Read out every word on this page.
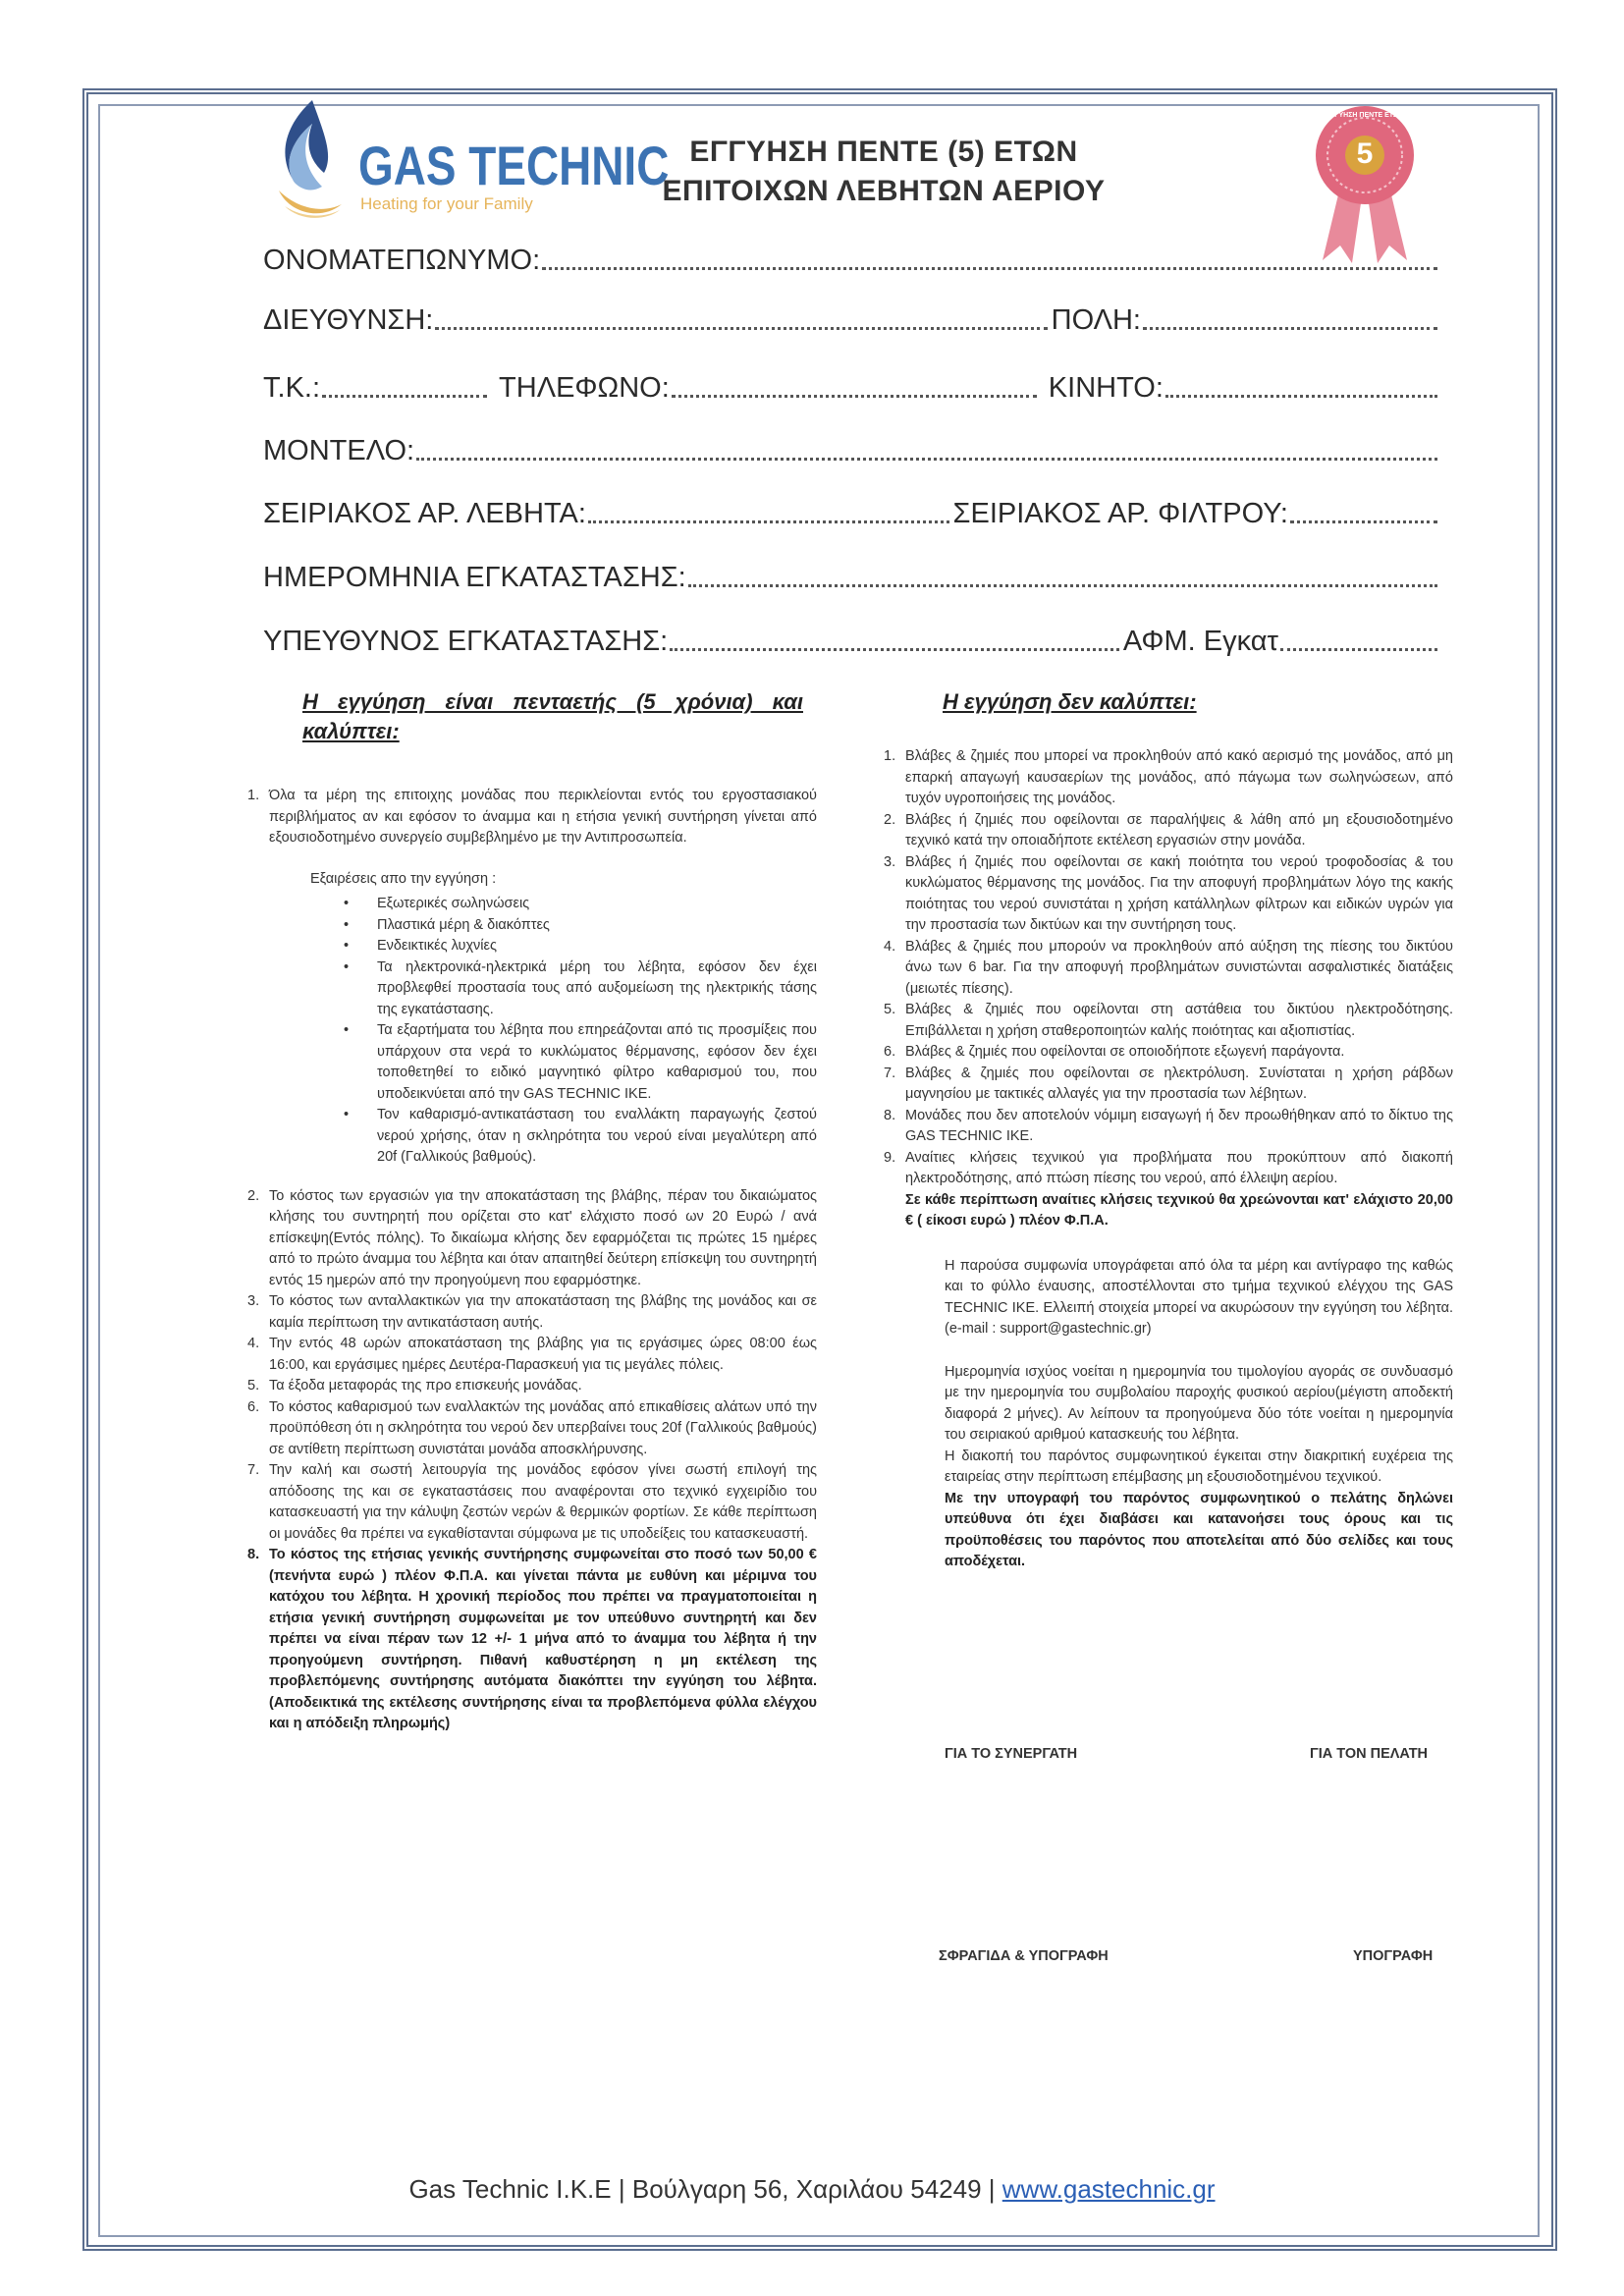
GAS TECHNIC
Heating for your Family
ΕΓΓΥΗΣΗ ΠΕΝΤΕ (5) ΕΤΩΝ
ΕΠΙΤΟΙΧΩΝ ΛΕΒΗΤΩΝ ΑΕΡΙΟΥ
5
ΕΓΓΥΗΣΗ ΠΕΝΤΕ ΕΤΩΝ
ΟΝΟΜΑΤΕΠΩΝΥΜΟ:
ΔΙΕΥΘΥΝΣΗ:	ΠΟΛΗ:
Τ.Κ.:	ΤΗΛΕΦΩΝΟ:	ΚΙΝΗΤΟ:
ΜΟΝΤΕΛΟ:
ΣΕΙΡΙΑΚΟΣ ΑΡ. ΛΕΒΗΤΑ:	ΣΕΙΡΙΑΚΟΣ ΑΡ. ΦΙΛΤΡΟΥ:
ΗΜΕΡΟΜΗΝΙΑ ΕΓΚΑΤΑΣΤΑΣΗΣ:
ΥΠΕΥΘΥΝΟΣ ΕΓΚΑΤΑΣΤΑΣΗΣ:	ΑΦΜ. Εγκατ
Η εγγύηση είναι πενταετής (5 χρόνια) και καλύπτει:
1. Όλα τα μέρη της επιτοιχης μονάδας που περικλείονται εντός του εργοστασιακού περιβλήματος αν και εφόσον το άναμμα και η ετήσια γενική συντήρηση γίνεται από εξουσιοδοτημένο συνεργείο συμβεβλημένο με την Αντιπροσωπεία.
Εξαιρέσεις απο την εγγύηση :
• Εξωτερικές σωληνώσεις
• Πλαστικά μέρη & διακόπτες
• Ενδεικτικές λυχνίες
• Τα ηλεκτρονικά-ηλεκτρικά μέρη του λέβητα, εφόσον δεν έχει προβλεφθεί προστασία τους από αυξομείωση της ηλεκτρικής τάσης της εγκατάστασης.
• Τα εξαρτήματα του λέβητα που επηρεάζονται από τις προσμίξεις που υπάρχουν στα νερά το κυκλώματος θέρμανσης, εφόσον δεν έχει τοποθετηθεί το ειδικό μαγνητικό φίλτρο καθαρισμού του, που υποδεικνύεται από την GAS TECHNIC IKE.
• Τον καθαρισμό-αντικατάσταση του εναλλάκτη παραγωγής ζεστού νερού χρήσης, όταν η σκληρότητα του νερού είναι μεγαλύτερη από 20f (Γαλλικούς βαθμούς).
2. Το κόστος των εργασιών για την αποκατάσταση της βλάβης, πέραν του δικαιώματος κλήσης του συντηρητή που ορίζεται στο κατ' ελάχιστο ποσό ων 20 Ευρώ / ανά επίσκεψη(Εντός πόλης). Το δικαίωμα κλήσης δεν εφαρμόζεται τις πρώτες 15 ημέρες από το πρώτο άναμμα του λέβητα και όταν απαιτηθεί δεύτερη επίσκεψη του συντηρητή εντός 15 ημερών από την προηγούμενη που εφαρμόστηκε.
3. Το κόστος των ανταλλακτικών για την αποκατάσταση της βλάβης της μονάδος και σε καμία περίπτωση την αντικατάσταση αυτής.
4. Την εντός 48 ωρών αποκατάσταση της βλάβης για τις εργάσιμες ώρες 08:00 έως 16:00, και εργάσιμες ημέρες Δευτέρα-Παρασκευή για τις μεγάλες πόλεις.
5. Τα έξοδα μεταφοράς της προ επισκευής μονάδας.
6. Το κόστος καθαρισμού των εναλλακτών της μονάδας από επικαθίσεις αλάτων υπό την προϋπόθεση ότι η σκληρότητα του νερού δεν υπερβαίνει τους 20f (Γαλλικούς βαθμούς) σε αντίθετη περίπτωση συνιστάται μονάδα αποσκλήρυνσης.
7. Την καλή και σωστή λειτουργία της μονάδος εφόσον γίνει σωστή επιλογή της απόδοσης της και σε εγκαταστάσεις που αναφέρονται στο τεχνικό εγχειρίδιο του κατασκευαστή για την κάλυψη ζεστών νερών & θερμικών φορτίων. Σε κάθε περίπτωση οι μονάδες θα πρέπει να εγκαθίστανται σύμφωνα με τις υποδείξεις του κατασκευαστή.
8. Το κόστος της ετήσιας γενικής συντήρησης συμφωνείται στο ποσό των 50,00 € (πενήντα ευρώ ) πλέον Φ.Π.Α. και γίνεται πάντα με ευθύνη και μέριμνα του κατόχου του λέβητα. Η χρονική περίοδος που πρέπει να πραγματοποιείται η ετήσια γενική συντήρηση συμφωνείται με τον υπεύθυνο συντηρητή και δεν πρέπει να είναι πέραν των 12 +/- 1 μήνα από το άναμμα του λέβητα ή την προηγούμενη συντήρηση. Πιθανή καθυστέρηση η μη εκτέλεση της προβλεπόμενης συντήρησης αυτόματα διακόπτει την εγγύηση του λέβητα.(Αποδεικτικά της εκτέλεσης συντήρησης είναι τα προβλεπόμενα φύλλα ελέγχου και η απόδειξη πληρωμής)
Η εγγύηση δεν καλύπτει:
1. Βλάβες & ζημιές που μπορεί να προκληθούν από κακό αερισμό της μονάδος, από μη επαρκή απαγωγή καυσαερίων της μονάδος, από πάγωμα των σωληνώσεων, από τυχόν υγροποιήσεις της μονάδος.
2. Βλάβες ή ζημιές που οφείλονται σε παραλήψεις & λάθη από μη εξουσιοδοτημένο τεχνικό κατά την οποιαδήποτε εκτέλεση εργασιών στην μονάδα.
3. Βλάβες ή ζημιές που οφείλονται σε κακή ποιότητα του νερού τροφοδοσίας & του κυκλώματος θέρμανσης της μονάδος. Για την αποφυγή προβλημάτων λόγο της κακής ποιότητας του νερού συνιστάται η χρήση κατάλληλων φίλτρων και ειδικών υγρών για την προστασία των δικτύων και την συντήρηση τους.
4. Βλάβες & ζημιές που μπορούν να προκληθούν από αύξηση της πίεσης του δικτύου άνω των 6 bar. Για την αποφυγή προβλημάτων συνιστώνται ασφαλιστικές διατάξεις (μειωτές πίεσης).
5. Βλάβες & ζημιές που οφείλονται στη αστάθεια του δικτύου ηλεκτροδότησης. Επιβάλλεται η χρήση σταθεροποιητών καλής ποιότητας και αξιοπιστίας.
6. Βλάβες & ζημιές που οφείλονται σε οποιοδήποτε εξωγενή παράγοντα.
7. Βλάβες & ζημιές που οφείλονται σε ηλεκτρόλυση. Συνίσταται η χρήση ράβδων μαγνησίου με τακτικές αλλαγές για την προστασία των λέβητων.
8. Μονάδες που δεν αποτελούν νόμιμη εισαγωγή ή δεν προωθήθηκαν από το δίκτυο της GAS TECHNIC IKE.
9. Αναίτιες κλήσεις τεχνικού για προβλήματα που προκύπτουν από διακοπή ηλεκτροδότησης, από πτώση πίεσης του νερού, από έλλειψη αερίου.
Σε κάθε περίπτωση αναίτιες κλήσεις τεχνικού θα χρεώνονται κατ' ελάχιστο 20,00 € ( είκοσι ευρώ ) πλέον Φ.Π.Α.
Η παρούσα συμφωνία υπογράφεται από όλα τα μέρη και αντίγραφο της καθώς και το φύλλο έναυσης, αποστέλλονται στο τμήμα τεχνικού ελέγχου της GAS TECHNIC IKE. Ελλειπή στοιχεία μπορεί να ακυρώσουν την εγγύηση του λέβητα. (e-mail : support@gastechnic.gr)
Ημερομηνία ισχύος νοείται η ημερομηνία του τιμολογίου αγοράς σε συνδυασμό με την ημερομηνία του συμβολαίου παροχής φυσικού αερίου(μέγιστη αποδεκτή διαφορά 2 μήνες). Αν λείπουν τα προηγούμενα δύο τότε νοείται η ημερομηνία του σειριακού αριθμού κατασκευής του λέβητα.
Η διακοπή του παρόντος συμφωνητικού έγκειται στην διακριτική ευχέρεια της εταιρείας στην περίπτωση επέμβασης μη εξουσιοδοτημένου τεχνικού.
Με την υπογραφή του παρόντος συμφωνητικού ο πελάτης δηλώνει υπεύθυνα ότι έχει διαβάσει και κατανοήσει τους όρους και τις προϋποθέσεις του παρόντος που αποτελείται από δύο σελίδες και τους αποδέχεται.
ΓΙΑ ΤΟ ΣΥΝΕΡΓΑΤΗ	ΓΙΑ ΤΟΝ ΠΕΛΑΤΗ
ΣΦΡΑΓΙΔΑ & ΥΠΟΓΡΑΦΗ	ΥΠΟΓΡΑΦΗ
Gas Technic I.K.E | Βούλγαρη 56, Χαριλάου 54249 | www.gastechnic.gr
